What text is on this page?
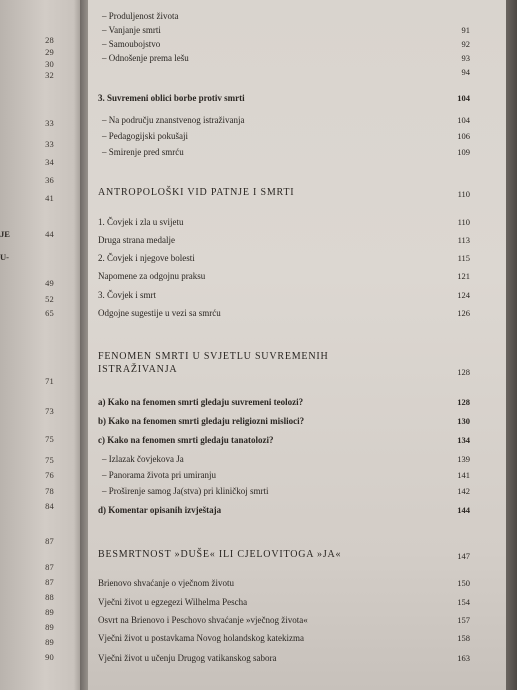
JE
U-
28
29
30
32
33
33
34
36
41
44
49
52
65
71
73
75
75
76
78
84
87
87
87
88
89
89
89
90
– Produljenost života
– Vanjanje smrti	91
– Samoubojstvo	92
– Odnošenje prema lešu	93
94
3. Suvremeni oblici borbe protiv smrti	104
– Na području znanstvenog istraživanja	104
– Pedagogijski pokušaji	106
– Smirenje pred smrću	109
ANTROPOLOŠKI VID PATNJE I SMRTI	110
1. Čovjek i zla u svijetu	110
Druga strana medalje	113
2. Čovjek i njegove bolesti	115
Napomene za odgojnu praksu	121
3. Čovjek i smrt	124
Odgojne sugestije u vezi sa smrću	126
FENOMEN SMRTI U SVJETLU SUVREMENIH
ISTRAŽIVANJA	128
a) Kako na fenomen smrti gledaju suvremeni teolozi?	128
b) Kako na fenomen smrti gledaju religiozni mislioci?	130
c) Kako na fenomen smrti gledaju tanatolozi?	134
– Izlazak čovjekova Ja	139
– Panorama života pri umiranju	141
– Proširenje samog Ja(stva) pri kliničkoj smrti	142
d) Komentar opisanih izvještaja	144
BESMRTNOST »DUŠE« ILI CJELOVITOGA »JA«	147
Brienovo shvaćanje o vječnom životu	150
Vječni život u egzegezi Wilhelma Pescha	154
Osvrt na Brienovo i Peschovo shvaćanje »vječnog života«	157
Vječni život u postavkama Novog holandskog katekizma	158
Vječni život u učenju Drugog vatikanskog sabora	163
